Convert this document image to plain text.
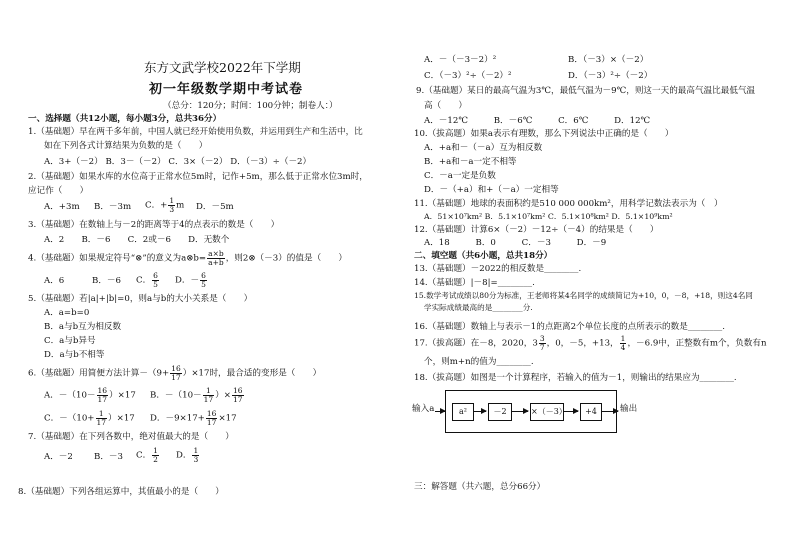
东方文武学校2022年下学期
初一年级数学期中考试卷
（总分：120分；时间：100分钟；制卷人：）
一、选择题（共12小题，每小题3分，总共36分）
1.（基础题）早在两千多年前，中国人就已经开始使用负数，并运用到生产和生活中，比
如在下列各式计算结果为负数的是（　　）
A．3+（－2） B．3－（－2） C．3×（－2） D．（－3）÷（－2）
2.（基础题）如果水库的水位高于正常水位5m时，记作+5m，那么低于正常水位3m时，
应记作（　　）
A．+3m B．－3m C．+ $\frac{1}{3}$ m D．－5m
3.（基础题）在数轴上与－2的距离等于4的点表示的数是（　　）
A．2　　B．－6　　C．2或－6　　D．无数个
4.（基础题）如果规定符号“⊗”的意义为a⊗b= $\frac{a\times b}{a+b}$ ，则2⊗（－3）的值是（　　）
A．6	B．－6 C． $\frac{6}{5}$ D．－ $\frac{6}{5}$
5.（基础题）若|a|+|b|=0，则a与b的大小关系是（　　）
A．a=b=0
B．a与b互为相反数
C．a与b异号
D．a与b不相等
6.（基础题）用简便方法计算$-(9+ \frac{16}{17} )\times 17$时，最合适的变形是（　　）
A．$-(10- \frac{16}{17} )\times 17$ B．$-(10- \frac{1}{17}$ ）× $\frac{16}{17}$
C．$-(10+ \frac{1}{17} )\times 17$ D．$-9\times 17+ \frac{16}{17} \times 17$
7.（基础题）在下列各数中，绝对值最大的是（　　）
A．－2 B．－3 C． $\frac{1}{2}$ D． $\frac{1}{3}$
8.（基础题）下列各组运算中，其值最小的是（　　）
A．－（－3－2）²	B．（－3）×（－2）
C．（－3）²÷（－2）²	D．（－3）²÷（－2）
9.（基础题）某日的最高气温为3℃，最低气温为－9℃，则这一天的最高气温比最低气温
高（　　）
A．－12℃　　　B．－6℃　　　C．6℃　　　D．12℃
10.（拔高题）如果a表示有理数，那么下列说法中正确的是（　　）
A．+a和－（－a）互为相反数
B．+a和－a一定不相等
C．－a一定是负数
D．－（+a）和+（－a）一定相等
11.（基础题）地球的表面积约是510 000 000km²，用科学记数法表示为（　）
A．51×10⁷km² B．5.1×10⁷km² C．5.1×10⁸km² D．5.1×10⁹km²
12.（基础题）计算6×（－2）－12÷（－4）的结果是（　　）
A．18　　　B．0　　　C．－3　　　D．－9
二、填空题（共6小题，总共18分）
13.（基础题）－2022的相反数是________.
14.（基础题）|－8|=________.
15.数学考试成绩以80分为标准，王老师将某4名同学的成绩简记为+10，0，－8，+18，则这4名同
学实际成绩最高的是________分.
16.（基础题）数轴上与表示－1的点距离2个单位长度的点所表示的数是________.
17.（拔高题）在－8，2020，$3 \frac{3}{7}$ ，0，－5，+13， $\frac{1}{4}$ ，－6.9中，正整数有m个，负数有n
个，则m+n的值为________.
18.（拔高题）如图是一个计算程序，若输入的值为－1，则输出的结果应为________.
输入a	a²	－2	×（－3）	+4	输出
三：解答题（共六题，总分66分）
